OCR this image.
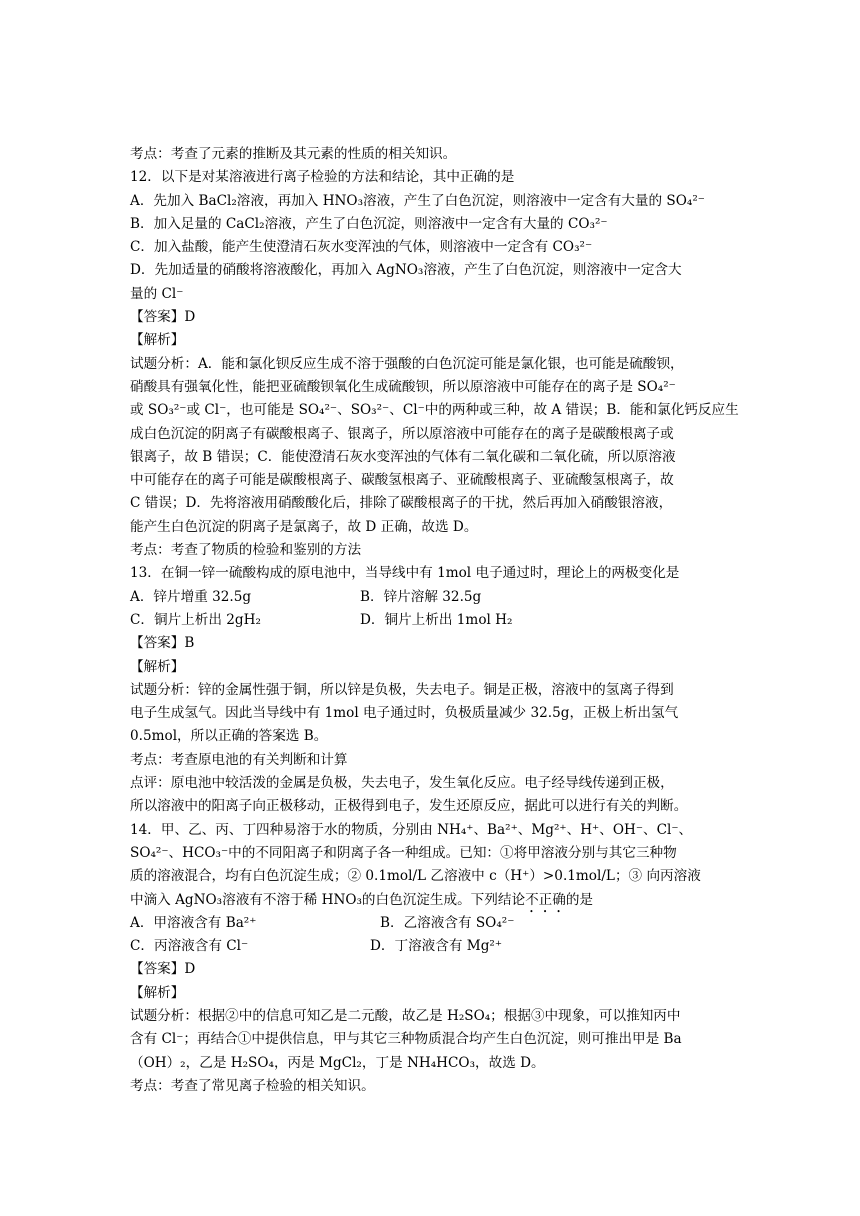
考点：考查了元素的推断及其元素的性质的相关知识。
12．以下是对某溶液进行离子检验的方法和结论，其中正确的是
A．先加入 BaCl₂溶液，再加入 HNO₃溶液，产生了白色沉淀，则溶液中一定含有大量的 SO₄²⁻
B．加入足量的 CaCl₂溶液，产生了白色沉淀，则溶液中一定含有大量的 CO₃²⁻
C．加入盐酸，能产生使澄清石灰水变浑浊的气体，则溶液中一定含有 CO₃²⁻
D．先加适量的硝酸将溶液酸化，再加入 AgNO₃溶液，产生了白色沉淀，则溶液中一定含大
量的 Cl⁻
【答案】D
【解析】
试题分析：A．能和氯化钡反应生成不溶于强酸的白色沉淀可能是氯化银，也可能是硫酸钡，
硝酸具有强氧化性，能把亚硫酸钡氧化生成硫酸钡，所以原溶液中可能存在的离子是 SO₄²⁻
或 SO₃²⁻或 Cl⁻，也可能是 SO₄²⁻、SO₃²⁻、Cl⁻中的两种或三种，故 A 错误；B．能和氯化钙反应生
成白色沉淀的阴离子有碳酸根离子、银离子，所以原溶液中可能存在的离子是碳酸根离子或
银离子，故 B 错误；C．能使澄清石灰水变浑浊的气体有二氧化碳和二氧化硫，所以原溶液
中可能存在的离子可能是碳酸根离子、碳酸氢根离子、亚硫酸根离子、亚硫酸氢根离子，故
C 错误；D．先将溶液用硝酸酸化后，排除了碳酸根离子的干扰，然后再加入硝酸银溶液，
能产生白色沉淀的阴离子是氯离子，故 D 正确，故选 D。
考点：考查了物质的检验和鉴别的方法
13．在铜一锌一硫酸构成的原电池中，当导线中有 1mol 电子通过时，理论上的两极变化是
A．锌片增重 32.5g	B．锌片溶解 32.5g
C．铜片上析出 2gH₂	D．铜片上析出 1mol H₂
【答案】B
【解析】
试题分析：锌的金属性强于铜，所以锌是负极，失去电子。铜是正极，溶液中的氢离子得到
电子生成氢气。因此当导线中有 1mol 电子通过时，负极质量减少 32.5g，正极上析出氢气
0.5mol，所以正确的答案选 B。
考点：考查原电池的有关判断和计算
点评：原电池中较活泼的金属是负极，失去电子，发生氧化反应。电子经导线传递到正极，
所以溶液中的阳离子向正极移动，正极得到电子，发生还原反应，据此可以进行有关的判断。
14．甲、乙、丙、丁四种易溶于水的物质，分别由 NH₄⁺、Ba²⁺、Mg²⁺、H⁺、OH⁻、Cl⁻、
SO₄²⁻、HCO₃⁻中的不同阳离子和阴离子各一种组成。已知：①将甲溶液分别与其它三种物
质的溶液混合，均有白色沉淀生成；② 0.1mol/L 乙溶液中 c（H⁺）>0.1mol/L；③ 向丙溶液
中滴入 AgNO₃溶液有不溶于稀 HNO₃的白色沉淀生成。下列结论不正确的是
A．甲溶液含有 Ba²⁺	B．乙溶液含有 SO₄²⁻
C．丙溶液含有 Cl⁻	D．丁溶液含有 Mg²⁺
【答案】D
【解析】
试题分析：根据②中的信息可知乙是二元酸，故乙是 H₂SO₄；根据③中现象，可以推知丙中
含有 Cl⁻；再结合①中提供信息，甲与其它三种物质混合均产生白色沉淀，则可推出甲是 Ba
（OH）₂，乙是 H₂SO₄，丙是 MgCl₂，丁是 NH₄HCO₃，故选 D。
考点：考查了常见离子检验的相关知识。
